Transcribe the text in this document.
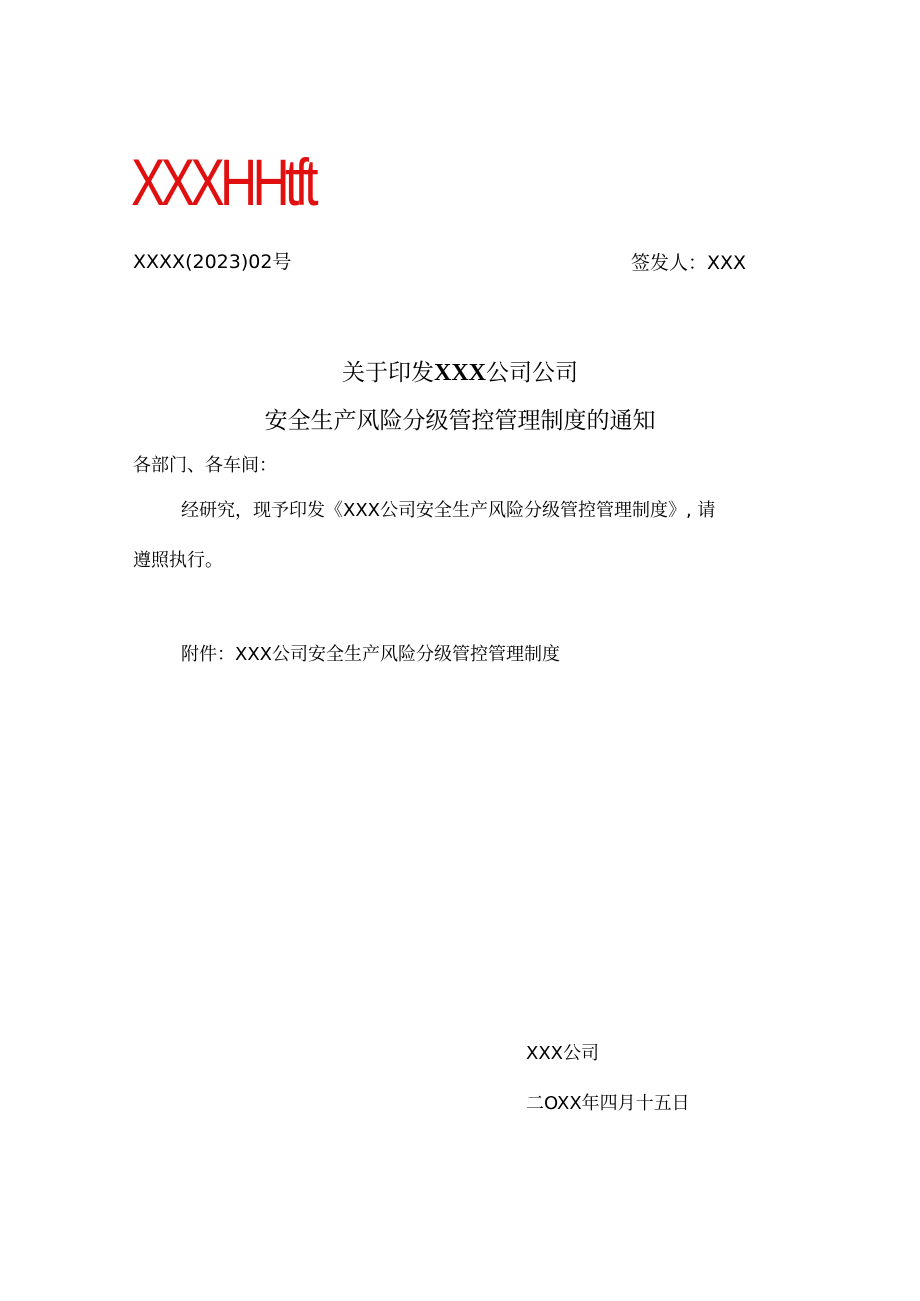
XXXHHtft
XXXX(2023)02号	签发人：XXX
关于印发XXX公司公司
安全生产风险分级管控管理制度的通知
各部门、各车间：
经研究，现予印发《XXX公司安全生产风险分级管控管理制度》, 请
遵照执行。
附件：XXX公司安全生产风险分级管控管理制度
XXX公司
二OXX年四月十五日
